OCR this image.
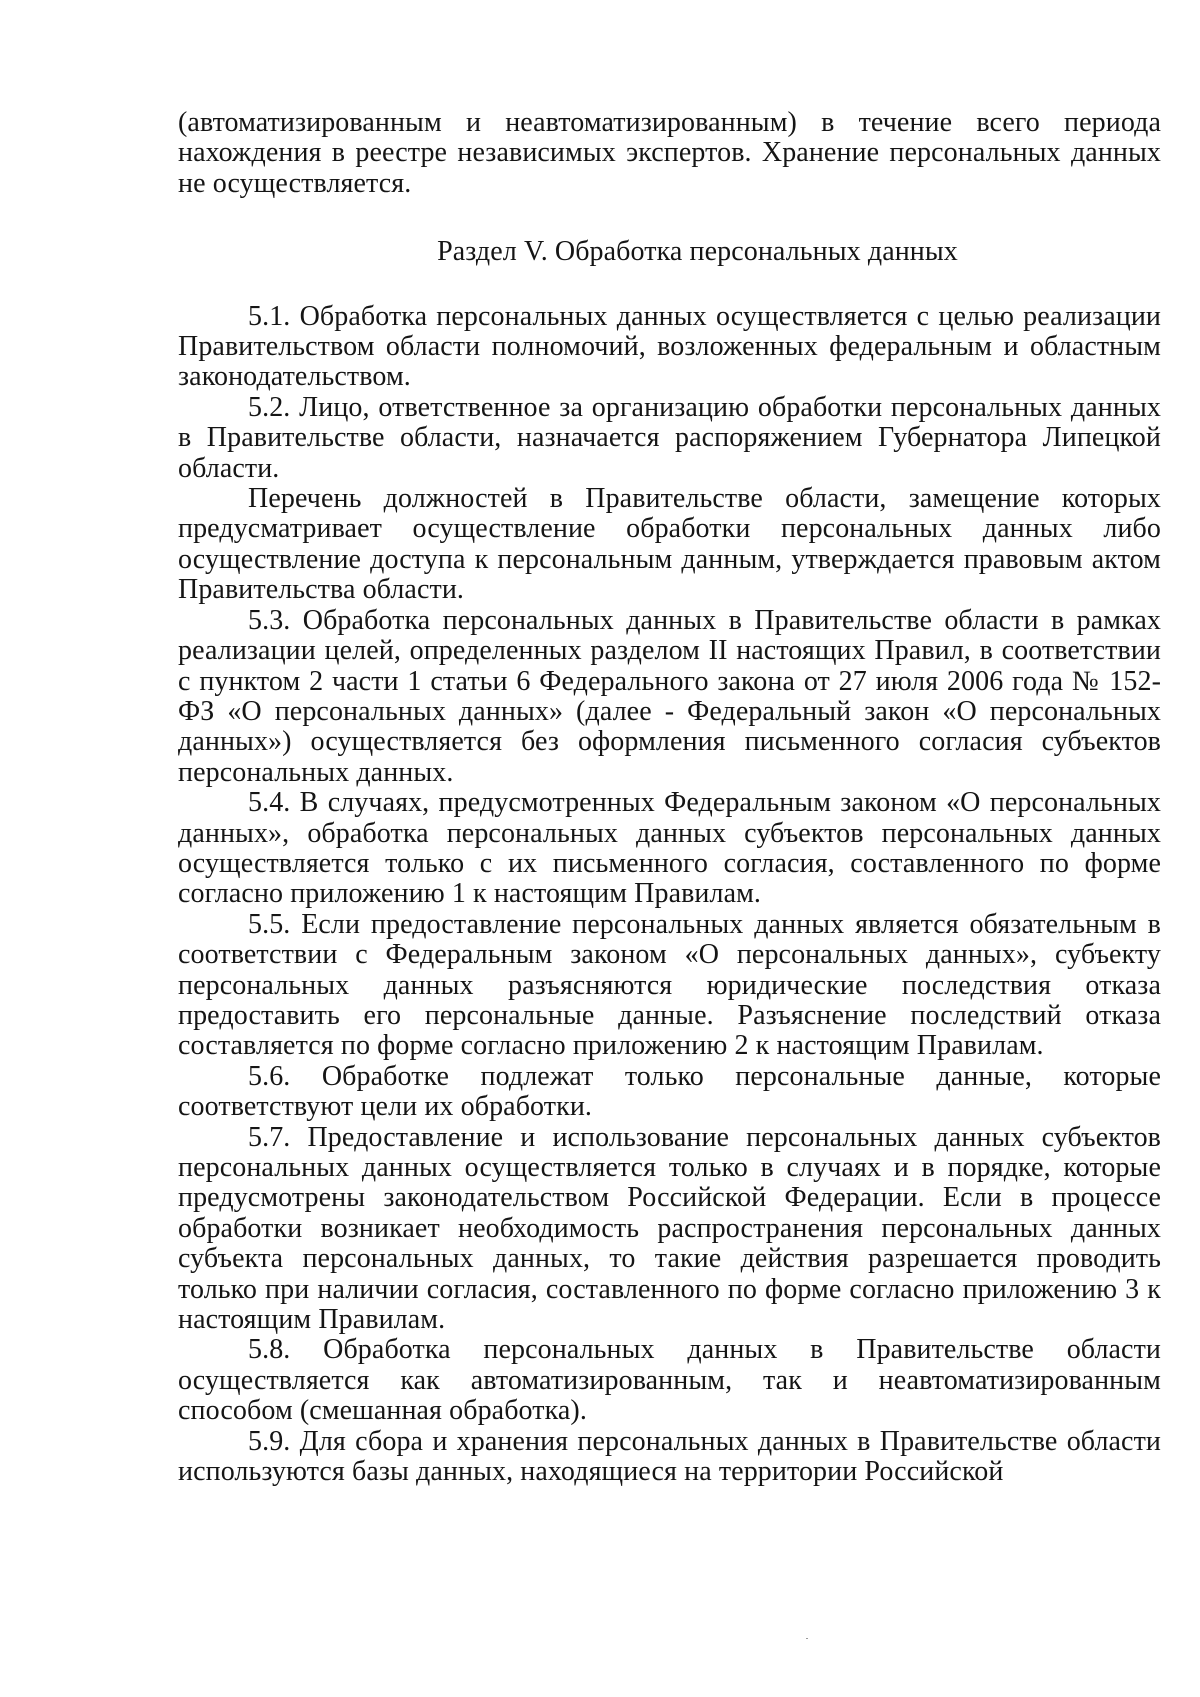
(автоматизированным и неавтоматизированным) в течение всего периода нахождения в реестре независимых экспертов. Хранение персональных данных не осуществляется.

Раздел V. Обработка персональных данных

5.1. Обработка персональных данных осуществляется с целью реализации Правительством области полномочий, возложенных федеральным и областным законодательством.

5.2. Лицо, ответственное за организацию обработки персональных данных в Правительстве области, назначается распоряжением Губернатора Липецкой области.

Перечень должностей в Правительстве области, замещение которых предусматривает осуществление обработки персональных данных либо осуществление доступа к персональным данным, утверждается правовым актом Правительства области.

5.3. Обработка персональных данных в Правительстве области в рамках реализации целей, определенных разделом II настоящих Правил, в соответствии с пунктом 2 части 1 статьи 6 Федерального закона от 27 июля 2006 года № 152-ФЗ «О персональных данных» (далее - Федеральный закон «О персональных данных») осуществляется без оформления письменного согласия субъектов персональных данных.

5.4. В случаях, предусмотренных Федеральным законом «О персональных данных», обработка персональных данных субъектов персональных данных осуществляется только с их письменного согласия, составленного по форме согласно приложению 1 к настоящим Правилам.

5.5. Если предоставление персональных данных является обязательным в соответствии с Федеральным законом «О персональных данных», субъекту персональных данных разъясняются юридические последствия отказа предоставить его персональные данные. Разъяснение последствий отказа составляется по форме согласно приложению 2 к настоящим Правилам.

5.6. Обработке подлежат только персональные данные, которые соответствуют цели их обработки.

5.7. Предоставление и использование персональных данных субъектов персональных данных осуществляется только в случаях и в порядке, которые предусмотрены законодательством Российской Федерации. Если в процессе обработки возникает необходимость распространения персональных данных субъекта персональных данных, то такие действия разрешается проводить только при наличии согласия, составленного по форме согласно приложению 3 к настоящим Правилам.

5.8. Обработка персональных данных в Правительстве области осуществляется как автоматизированным, так и неавтоматизированным способом (смешанная обработка).

5.9. Для сбора и хранения персональных данных в Правительстве области используются базы данных, находящиеся на территории Российской
